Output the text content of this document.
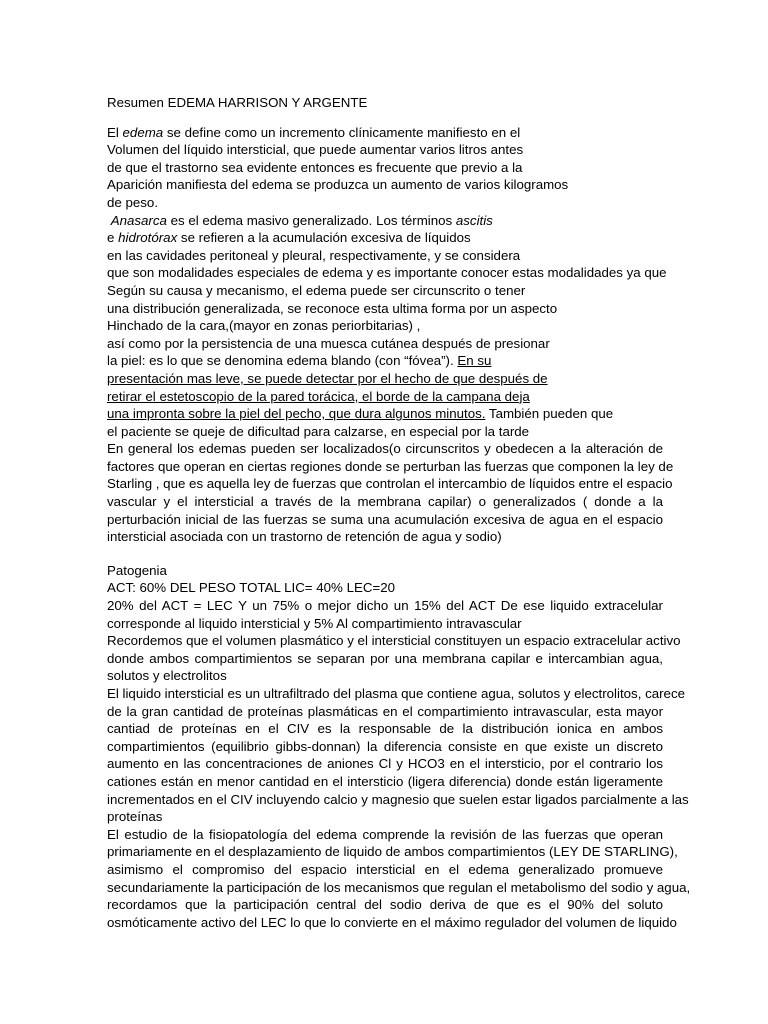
Resumen EDEMA HARRISON Y ARGENTE
El edema se define como un incremento clínicamente manifiesto en el
Volumen del líquido intersticial, que puede aumentar varios litros antes
de que el trastorno sea evidente entonces es frecuente que previo a la
Aparición manifiesta del edema se produzca un aumento de varios kilogramos
de peso.
Anasarca es el edema masivo generalizado. Los términos ascitis
e hidrotórax se refieren a la acumulación excesiva de líquidos
en las cavidades peritoneal y pleural, respectivamente, y se considera
que son modalidades especiales de edema y es importante conocer estas modalidades ya que
Según su causa y mecanismo, el edema puede ser circunscrito o tener
una distribución generalizada, se reconoce esta ultima forma por un aspecto
Hinchado de la cara,(mayor en zonas periorbitarias) ,
así como por la persistencia de una muesca cutánea después de presionar
la piel: es lo que se denomina edema blando (con “fóvea”). En su
presentación mas leve, se puede detectar por el hecho de que después de
retirar el estetoscopio de la pared torácica, el borde de la campana deja
una impronta sobre la piel del pecho, que dura algunos minutos. También pueden que
el paciente se queje de dificultad para calzarse, en especial por la tarde
En general los edemas pueden ser localizados(o circunscritos y obedecen a la alteración de
factores que operan en ciertas regiones donde se perturban las fuerzas que componen la ley de
Starling , que es aquella ley de fuerzas que controlan el intercambio de líquidos entre el espacio
vascular y el intersticial a través de la membrana capilar) o generalizados ( donde a la
perturbación inicial de las fuerzas se suma una acumulación excesiva de agua en el espacio
intersticial asociada con un trastorno de retención de agua y sodio)
Patogenia
ACT: 60% DEL PESO TOTAL LIC= 40% LEC=20
20% del ACT = LEC Y un 75% o mejor dicho un 15% del ACT De ese liquido extracelular
corresponde al liquido intersticial y 5% Al compartimiento intravascular
Recordemos que el volumen plasmático y el intersticial constituyen un espacio extracelular activo
donde ambos compartimientos se separan por una membrana capilar e intercambian agua,
solutos y electrolitos
El liquido intersticial es un ultrafiltrado del plasma que contiene agua, solutos y electrolitos, carece
de la gran cantidad de proteínas plasmáticas en el compartimiento intravascular, esta mayor
cantiad de proteínas en el CIV es la responsable de la distribución ionica en ambos
compartimientos (equilibrio gibbs-donnan) la diferencia consiste en que existe un discreto
aumento en las concentraciones de aniones Cl y HCO3 en el intersticio, por el contrario los
cationes están en menor cantidad en el intersticio (ligera diferencia) donde están ligeramente
incrementados en el CIV incluyendo calcio y magnesio que suelen estar ligados parcialmente a las
proteínas
El estudio de la fisiopatología del edema comprende la revisión de las fuerzas que operan
primariamente en el desplazamiento de liquido de ambos compartimientos (LEY DE STARLING),
asimismo el compromiso del espacio intersticial en el edema generalizado promueve
secundariamente la participación de los mecanismos que regulan el metabolismo del sodio y agua,
recordamos que la participación central del sodio deriva de que es el 90% del soluto
osmóticamente activo del LEC lo que lo convierte en el máximo regulador del volumen de liquido
